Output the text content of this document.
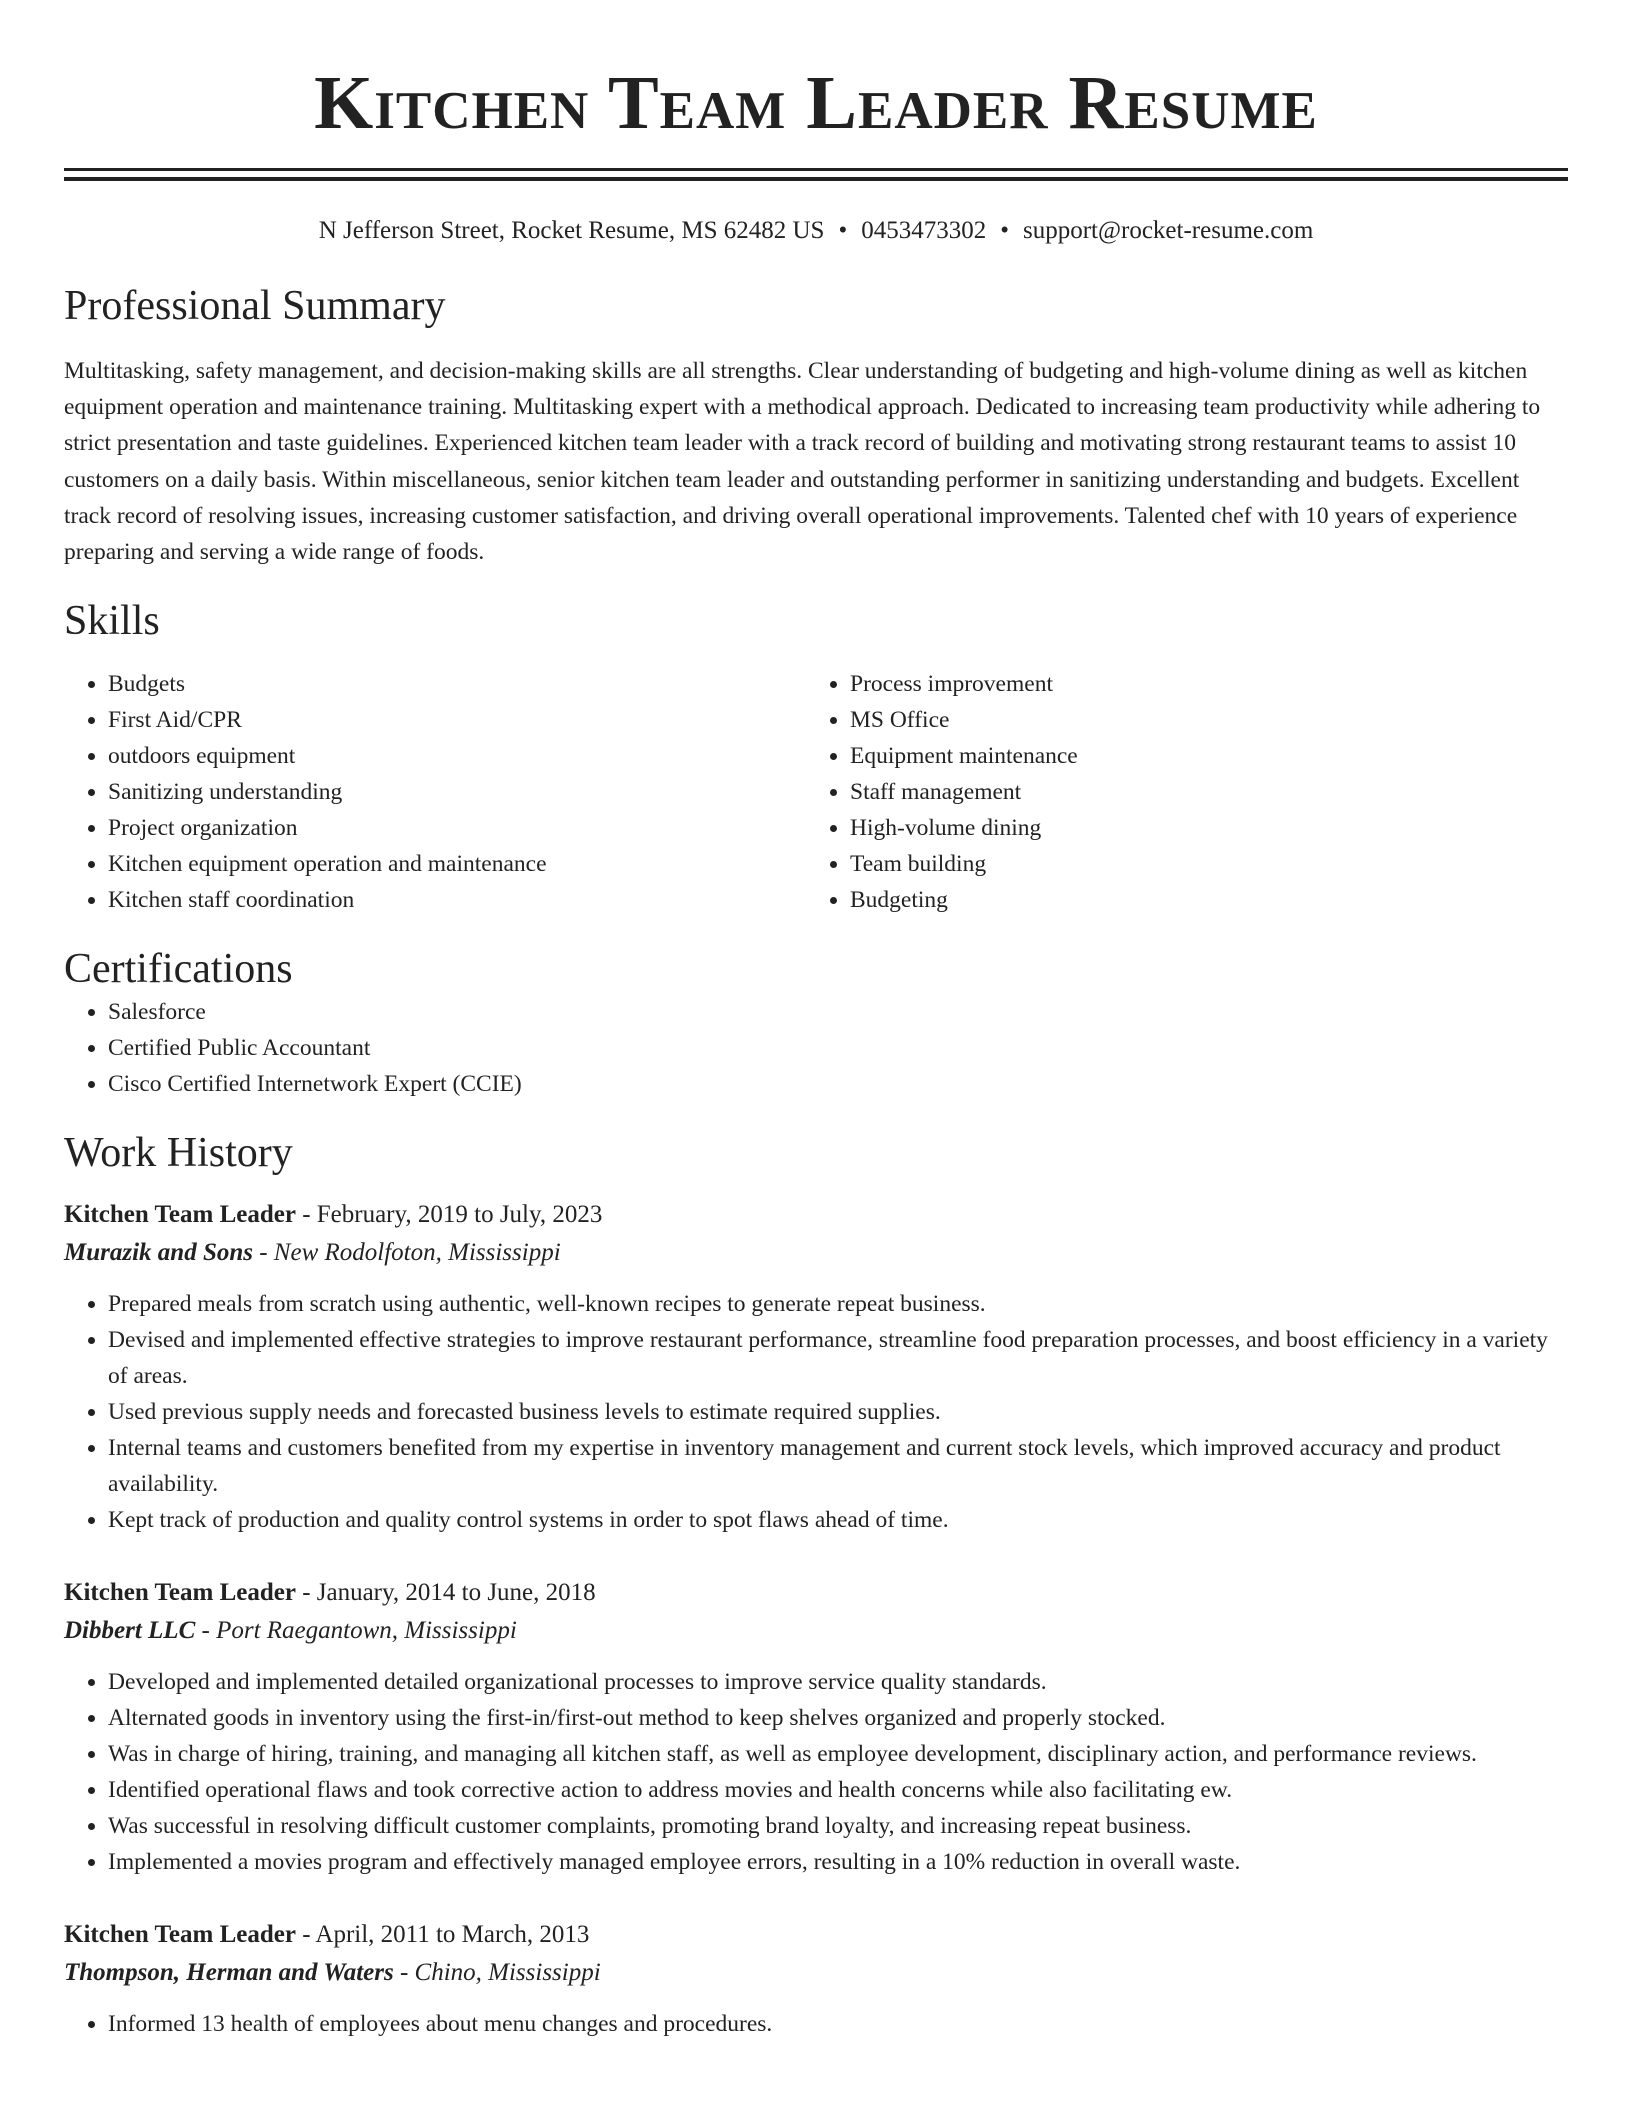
Kitchen Team Leader Resume
N Jefferson Street, Rocket Resume, MS 62482 US • 0453473302 • support@rocket-resume.com
Professional Summary

Multitasking, safety management, and decision-making skills are all strengths. Clear understanding of budgeting and high-volume dining as well as kitchen equipment operation and maintenance training. Multitasking expert with a methodical approach. Dedicated to increasing team productivity while adhering to strict presentation and taste guidelines. Experienced kitchen team leader with a track record of building and motivating strong restaurant teams to assist 10 customers on a daily basis. Within miscellaneous, senior kitchen team leader and outstanding performer in sanitizing understanding and budgets. Excellent track record of resolving issues, increasing customer satisfaction, and driving overall operational improvements. Talented chef with 10 years of experience preparing and serving a wide range of foods.

Skills
• Budgets
• First Aid/CPR
• outdoors equipment
• Sanitizing understanding
• Project organization
• Kitchen equipment operation and maintenance
• Kitchen staff coordination
• Process improvement
• MS Office
• Equipment maintenance
• Staff management
• High-volume dining
• Team building
• Budgeting
Certifications
• Salesforce
• Certified Public Accountant
• Cisco Certified Internetwork Expert (CCIE)
Work History
Kitchen Team Leader - February, 2019 to July, 2023
Murazik and Sons - New Rodolfoton, Mississippi
• Prepared meals from scratch using authentic, well-known recipes to generate repeat business.
• Devised and implemented effective strategies to improve restaurant performance, streamline food preparation processes, and boost efficiency in a variety of areas.
• Used previous supply needs and forecasted business levels to estimate required supplies.
• Internal teams and customers benefited from my expertise in inventory management and current stock levels, which improved accuracy and product availability.
• Kept track of production and quality control systems in order to spot flaws ahead of time.
Kitchen Team Leader - January, 2014 to June, 2018
Dibbert LLC - Port Raegantown, Mississippi
• Developed and implemented detailed organizational processes to improve service quality standards.
• Alternated goods in inventory using the first-in/first-out method to keep shelves organized and properly stocked.
• Was in charge of hiring, training, and managing all kitchen staff, as well as employee development, disciplinary action, and performance reviews.
• Identified operational flaws and took corrective action to address movies and health concerns while also facilitating ew.
• Was successful in resolving difficult customer complaints, promoting brand loyalty, and increasing repeat business.
• Implemented a movies program and effectively managed employee errors, resulting in a 10% reduction in overall waste.
Kitchen Team Leader - April, 2011 to March, 2013
Thompson, Herman and Waters - Chino, Mississippi
• Informed 13 health of employees about menu changes and procedures.
